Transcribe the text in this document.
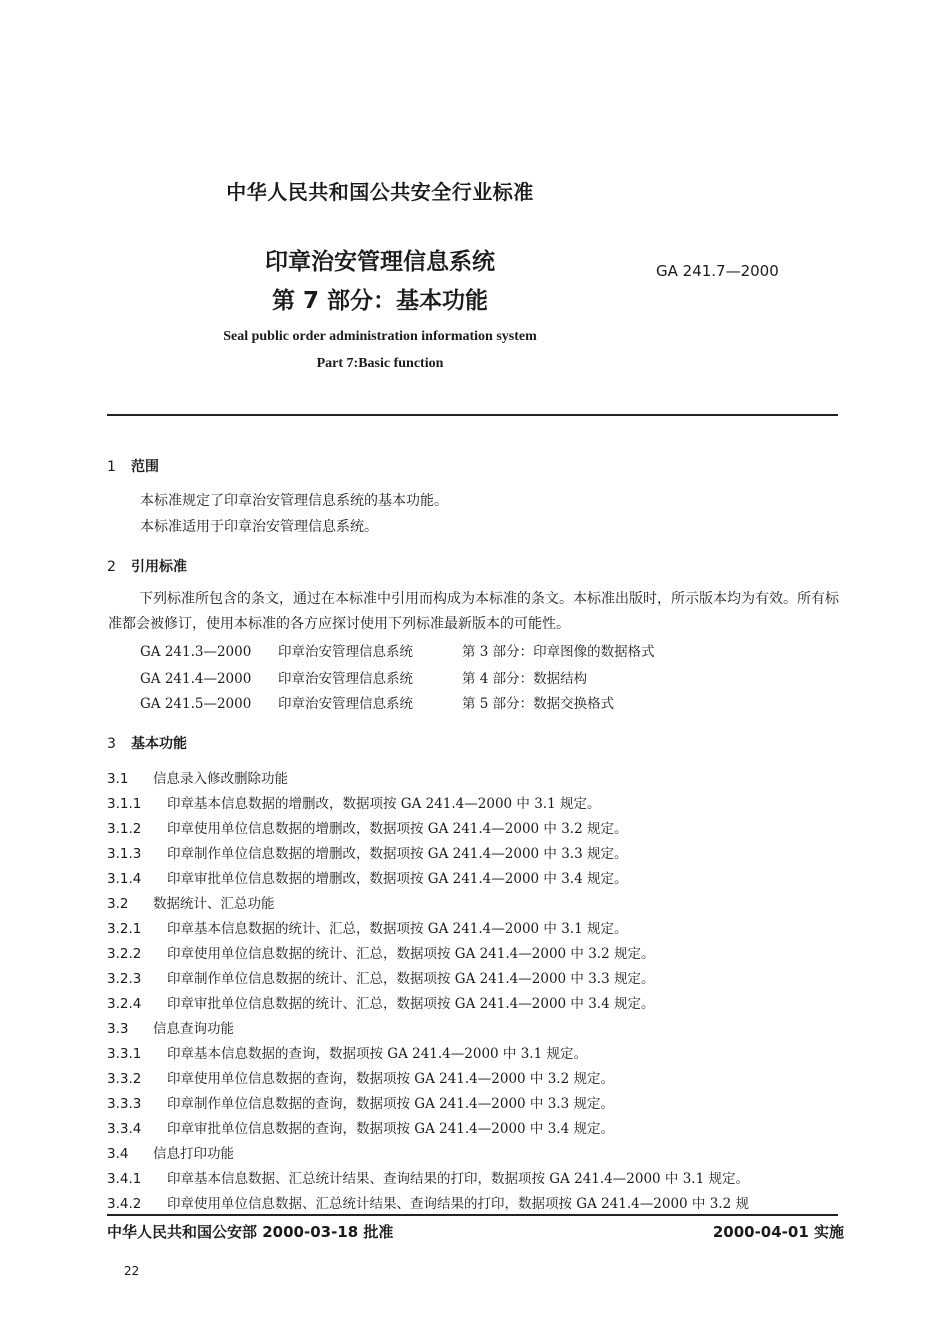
中华人民共和国公共安全行业标准
印章治安管理信息系统
第 7 部分：基本功能
GA 241.7—2000
Seal public order administration information system
Part 7:Basic function
1 范围
本标准规定了印章治安管理信息系统的基本功能。
本标准适用于印章治安管理信息系统。
2 引用标准
下列标准所包含的条文，通过在本标准中引用而构成为本标准的条文。本标准出版时，所示版本均为有效。所有标准都会被修订，使用本标准的各方应探讨使用下列标准最新版本的可能性。
GA 241.3—2000 印章治安管理信息系统	第 3 部分：印章图像的数据格式
GA 241.4—2000 印章治安管理信息系统	第 4 部分：数据结构
GA 241.5—2000 印章治安管理信息系统	第 5 部分：数据交换格式
3 基本功能
3.1 信息录入修改删除功能
3.1.1 印章基本信息数据的增删改，数据项按 GA 241.4—2000 中 3.1 规定。
3.1.2 印章使用单位信息数据的增删改，数据项按 GA 241.4—2000 中 3.2 规定。
3.1.3 印章制作单位信息数据的增删改，数据项按 GA 241.4—2000 中 3.3 规定。
3.1.4 印章审批单位信息数据的增删改，数据项按 GA 241.4—2000 中 3.4 规定。
3.2 数据统计、汇总功能
3.2.1 印章基本信息数据的统计、汇总，数据项按 GA 241.4—2000 中 3.1 规定。
3.2.2 印章使用单位信息数据的统计、汇总，数据项按 GA 241.4—2000 中 3.2 规定。
3.2.3 印章制作单位信息数据的统计、汇总，数据项按 GA 241.4—2000 中 3.3 规定。
3.2.4 印章审批单位信息数据的统计、汇总，数据项按 GA 241.4—2000 中 3.4 规定。
3.3 信息查询功能
3.3.1 印章基本信息数据的查询，数据项按 GA 241.4—2000 中 3.1 规定。
3.3.2 印章使用单位信息数据的查询，数据项按 GA 241.4—2000 中 3.2 规定。
3.3.3 印章制作单位信息数据的查询，数据项按 GA 241.4—2000 中 3.3 规定。
3.3.4 印章审批单位信息数据的查询，数据项按 GA 241.4—2000 中 3.4 规定。
3.4 信息打印功能
3.4.1 印章基本信息数据、汇总统计结果、查询结果的打印，数据项按 GA 241.4—2000 中 3.1 规定。
3.4.2 印章使用单位信息数据、汇总统计结果、查询结果的打印，数据项按 GA 241.4—2000 中 3.2 规
中华人民共和国公安部 2000-03-18 批准	2000-04-01 实施
22
